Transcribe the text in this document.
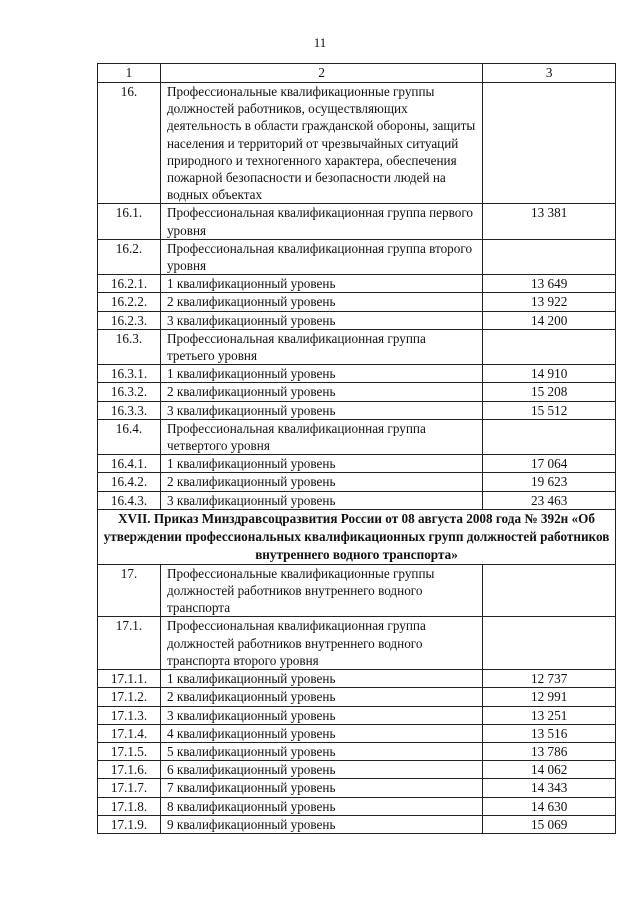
11
1	2	3
16.	Профессиональные квалификационные группы должностей работников, осуществляющих деятельность в области гражданской обороны, защиты населения и территорий от чрезвычайных ситуаций природного и техногенного характера, обеспечения пожарной безопасности и безопасности людей на водных объектах	
16.1.	Профессиональная квалификационная группа первого уровня	13 381
16.2.	Профессиональная квалификационная группа второго уровня	
16.2.1.	1 квалификационный уровень	13 649
16.2.2.	2 квалификационный уровень	13 922
16.2.3.	3 квалификационный уровень	14 200
16.3.	Профессиональная квалификационная группа третьего уровня	
16.3.1.	1 квалификационный уровень	14 910
16.3.2.	2 квалификационный уровень	15 208
16.3.3.	3 квалификационный уровень	15 512
16.4.	Профессиональная квалификационная группа четвертого уровня	
16.4.1.	1 квалификационный уровень	17 064
16.4.2.	2 квалификационный уровень	19 623
16.4.3.	3 квалификационный уровень	23 463
XVII. Приказ Минздравсоцразвития России от 08 августа 2008 года № 392н «Об утверждении профессиональных квалификационных групп должностей работников внутреннего водного транспорта»		
17.	Профессиональные квалификационные группы должностей работников внутреннего водного транспорта	
17.1.	Профессиональная квалификационная группа должностей работников внутреннего водного транспорта второго уровня	
17.1.1.	1 квалификационный уровень	12 737
17.1.2.	2 квалификационный уровень	12 991
17.1.3.	3 квалификационный уровень	13 251
17.1.4.	4 квалификационный уровень	13 516
17.1.5.	5 квалификационный уровень	13 786
17.1.6.	6 квалификационный уровень	14 062
17.1.7.	7 квалификационный уровень	14 343
17.1.8.	8 квалификационный уровень	14 630
17.1.9.	9 квалификационный уровень	15 069
